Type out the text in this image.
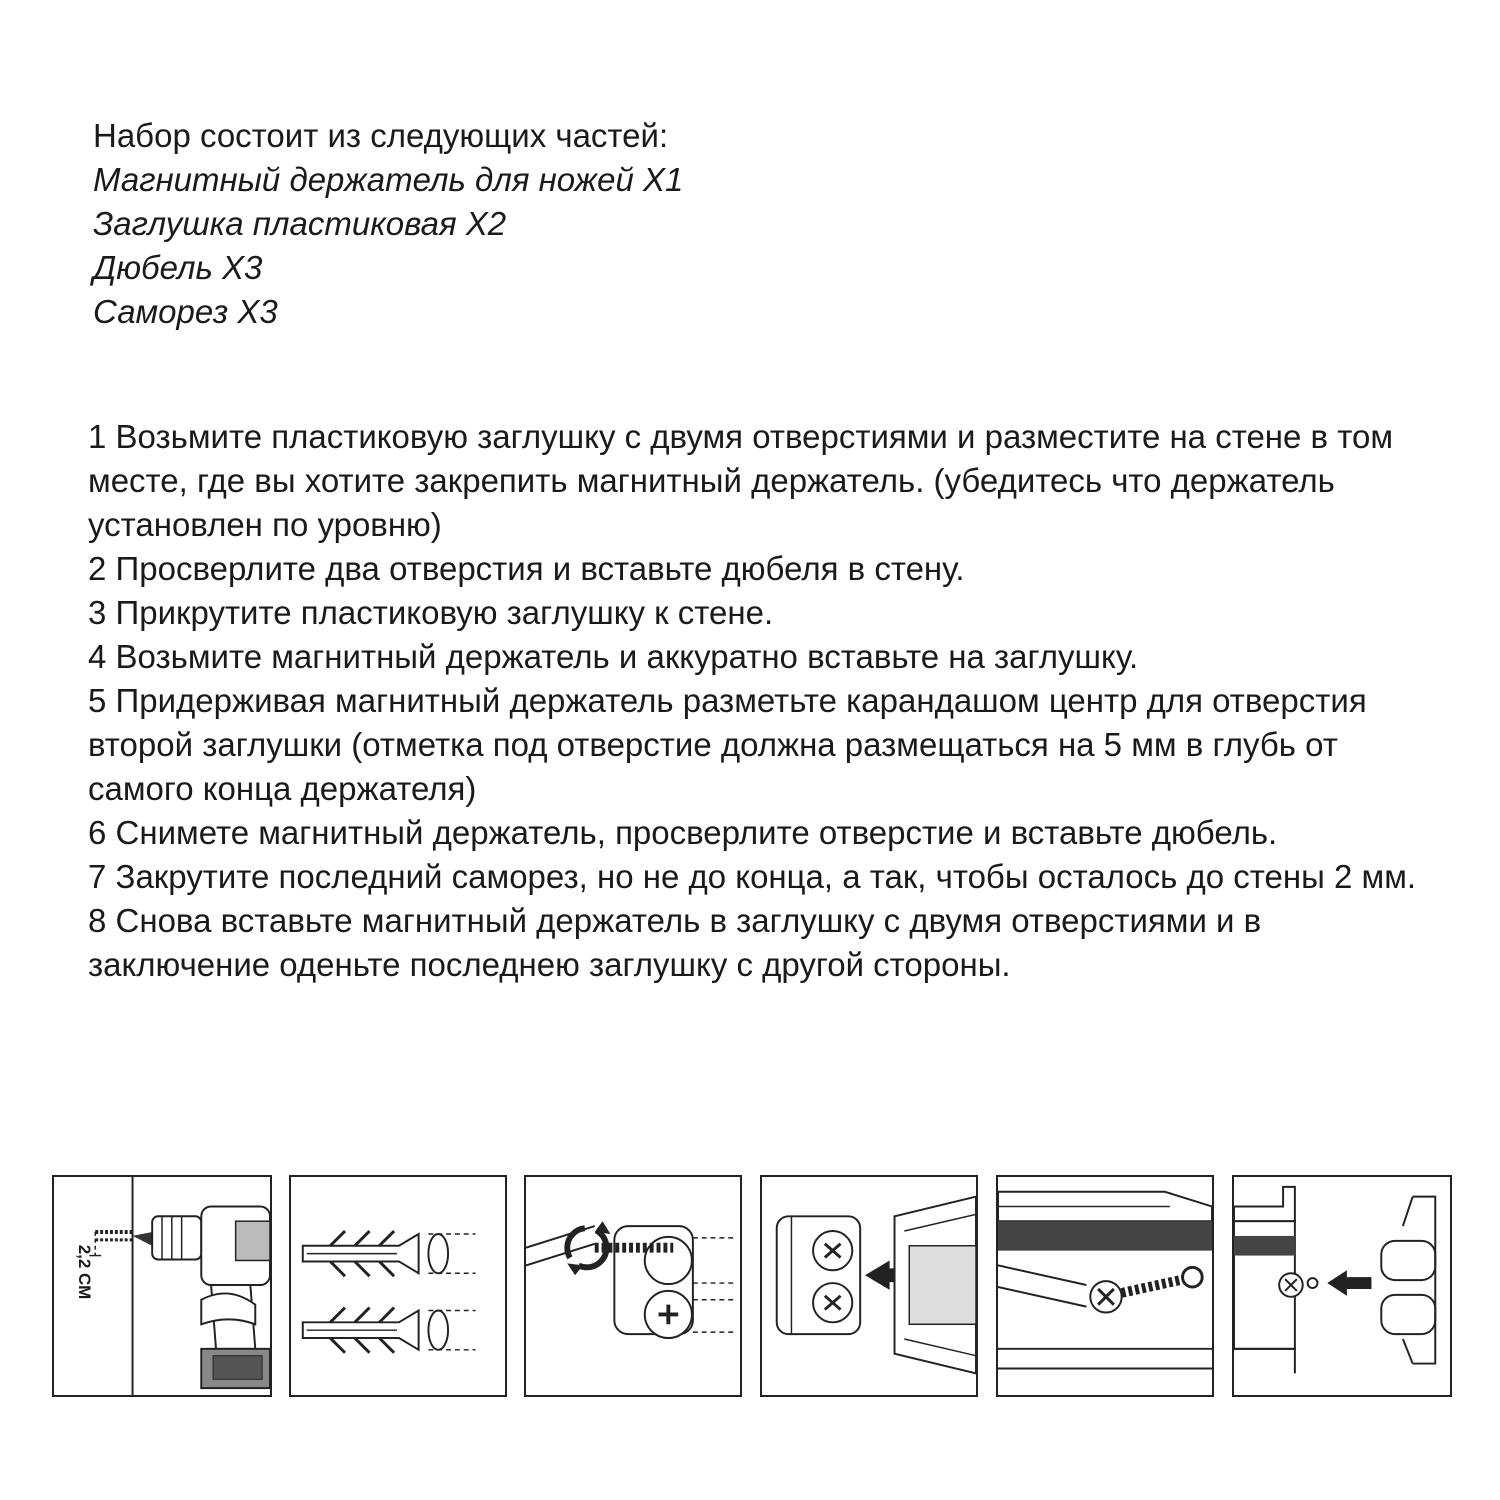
Набор состоит из следующих частей:
Магнитный держатель для ножей Х1
Заглушка пластиковая Х2
Дюбель Х3
Саморез Х3

1 Возьмите пластиковую заглушку с двумя отверстиями и разместите на стене в том месте, где вы хотите закрепить магнитный держатель. (убедитесь что держатель установлен по уровню)

2 Просверлите два отверстия и вставьте дюбеля в стену.

3 Прикрутите пластиковую заглушку к стене.

4 Возьмите магнитный держатель и аккуратно вставьте на заглушку.

5 Придерживая магнитный держатель разметьте карандашом центр для отверстия второй заглушки (отметка под отверстие должна размещаться на 5 мм в глубь от самого конца держателя)

6 Снимете магнитный держатель, просверлите отверстие и вставьте дюбель.

7 Закрутите последний саморез, но не до конца, а так, чтобы осталось до стены 2 мм.

8 Снова вставьте магнитный держатель в заглушку с двумя отверстиями и в заключение оденьте последнею заглушку с другой стороны.

2,2 СМ
